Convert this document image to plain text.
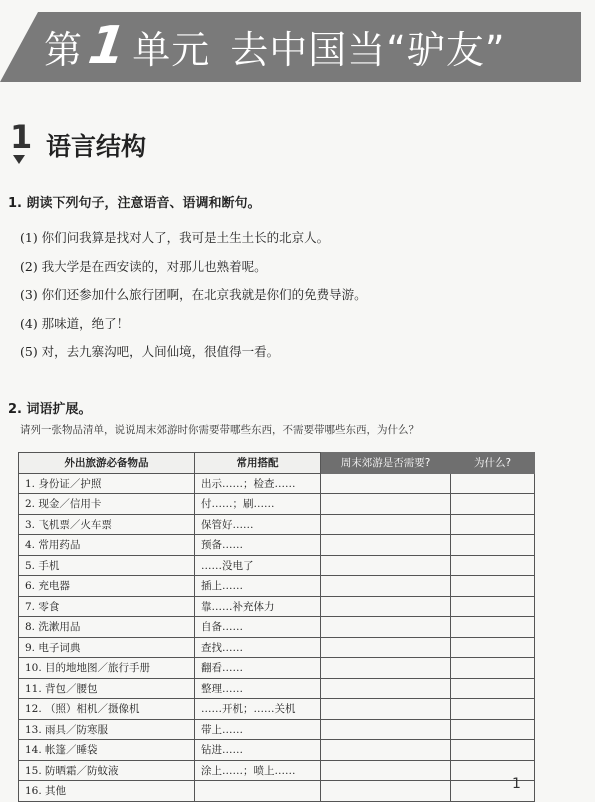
第 1 单元 去中国当“驴友”
1 语言结构
1. 朗读下列句子，注意语音、语调和断句。
(1) 你们问我算是找对人了，我可是土生土长的北京人。
(2) 我大学是在西安读的，对那儿也熟着呢。
(3) 你们还参加什么旅行团啊，在北京我就是你们的免费导游。
(4) 那味道，绝了！
(5) 对，去九寨沟吧，人间仙境，很值得一看。
2. 词语扩展。
请列一张物品清单，说说周末郊游时你需要带哪些东西，不需要带哪些东西，为什么？
外出旅游必备物品	常用搭配	周末郊游是否需要?	为什么?
1. 身份证／护照	出示……；检查……		
2. 现金／信用卡	付……；刷……		
3. 飞机票／火车票	保管好……		
4. 常用药品	预备……		
5. 手机	……没电了		
6. 充电器	插上……		
7. 零食	靠……补充体力		
8. 洗漱用品	自备……		
9. 电子词典	查找……		
10. 目的地地图／旅行手册	翻看……		
11. 背包／腰包	整理……		
12. （照）相机／摄像机	……开机；……关机		
13. 雨具／防寒服	带上……		
14. 帐篷／睡袋	钻进……		
15. 防晒霜／防蚊液	涂上……；喷上……		
16. 其他				1
